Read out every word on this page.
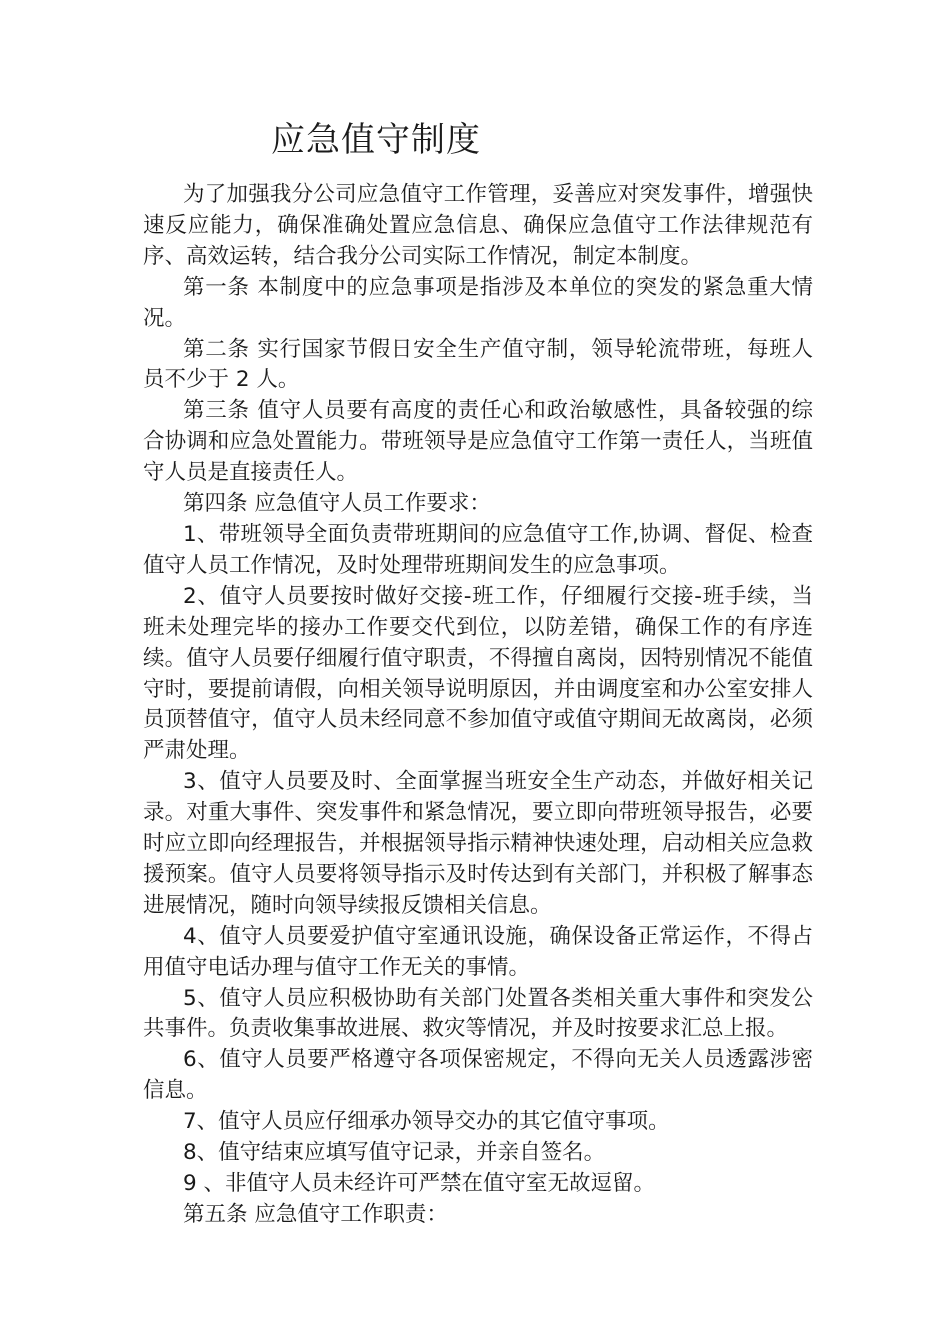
应急值守制度

为了加强我分公司应急值守工作管理，妥善应对突发事件，增强快速反应能力，确保准确处置应急信息、确保应急值守工作法律规范有序、高效运转，结合我分公司实际工作情况，制定本制度。

第一条 本制度中的应急事项是指涉及本单位的突发的紧急重大情况。

第二条 实行国家节假日安全生产值守制，领导轮流带班，每班人员不少于 2 人。

第三条 值守人员要有高度的责任心和政治敏感性，具备较强的综合协调和应急处置能力。带班领导是应急值守工作第一责任人，当班值守人员是直接责任人。

第四条 应急值守人员工作要求：

1、带班领导全面负责带班期间的应急值守工作,协调、督促、检查值守人员工作情况，及时处理带班期间发生的应急事项。

2、值守人员要按时做好交接-班工作，仔细履行交接-班手续，当班未处理完毕的接办工作要交代到位，以防差错，确保工作的有序连续。值守人员要仔细履行值守职责，不得擅自离岗，因特别情况不能值守时，要提前请假，向相关领导说明原因，并由调度室和办公室安排人员顶替值守，值守人员未经同意不参加值守或值守期间无故离岗，必须严肃处理。

3、值守人员要及时、全面掌握当班安全生产动态，并做好相关记录。对重大事件、突发事件和紧急情况，要立即向带班领导报告，必要时应立即向经理报告，并根据领导指示精神快速处理，启动相关应急救援预案。值守人员要将领导指示及时传达到有关部门，并积极了解事态进展情况，随时向领导续报反馈相关信息。

4、值守人员要爱护值守室通讯设施，确保设备正常运作，不得占用值守电话办理与值守工作无关的事情。

5、值守人员应积极协助有关部门处置各类相关重大事件和突发公共事件。负责收集事故进展、救灾等情况，并及时按要求汇总上报。

6、值守人员要严格遵守各项保密规定，不得向无关人员透露涉密信息。

7、值守人员应仔细承办领导交办的其它值守事项。

8、值守结束应填写值守记录，并亲自签名。

9 、非值守人员未经许可严禁在值守室无故逗留。

第五条 应急值守工作职责：
